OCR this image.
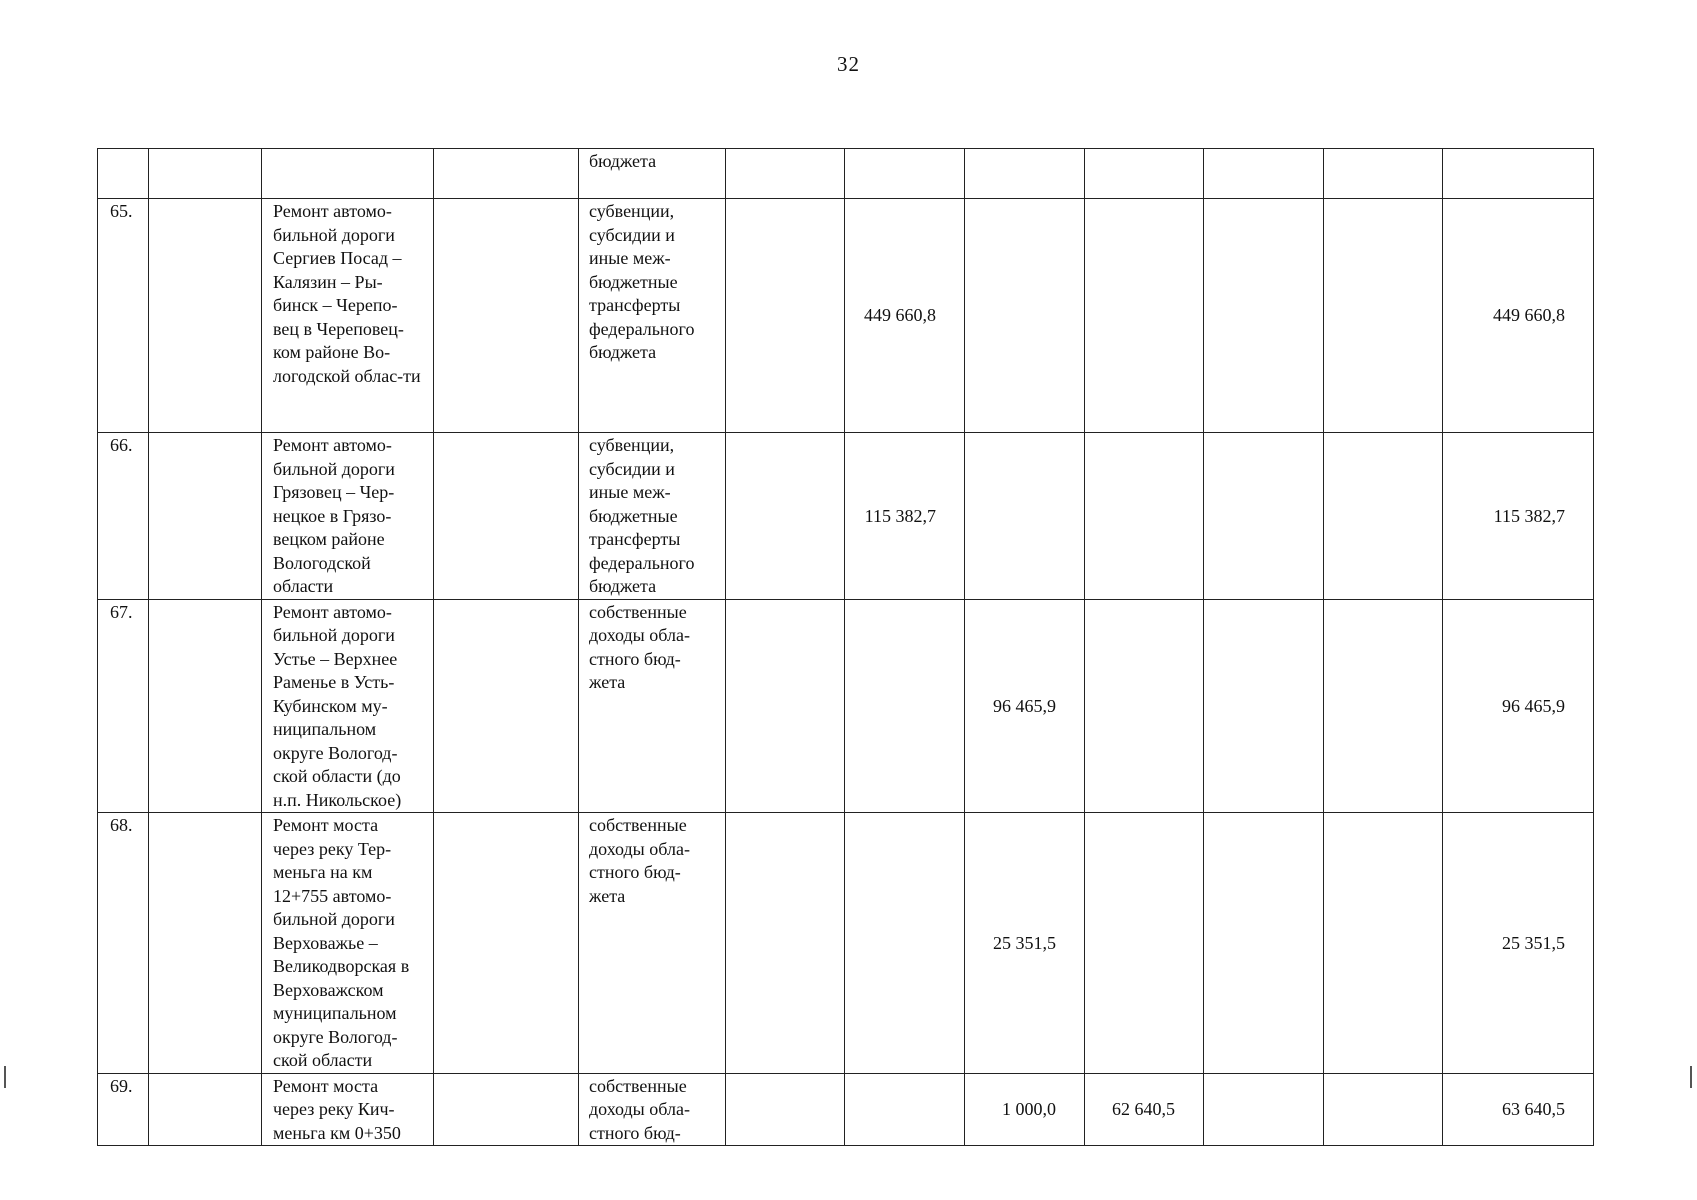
32
				бюджета							
65.		Ремонт автомо-бильной дороги Сергиев Посад – Калязин – Ры-бинск – Черепо-вец в Череповец-ком районе Во-логодской облас-ти		субвенции, субсидии и иные меж-бюджетные трансферты федерального бюджета		449 660,8					449 660,8
66.		Ремонт автомо-бильной дороги Грязовец – Чер-нецкое в Грязо-вецком районе Вологодской области		субвенции, субсидии и иные меж-бюджетные трансферты федерального бюджета		115 382,7					115 382,7
67.		Ремонт автомо-бильной дороги Устье – Верхнее Раменье в Усть-Кубинском му-ниципальном округе Вологод-ской области (до н.п. Никольское)		собственные доходы обла-стного бюд-жета			96 465,9				96 465,9
68.		Ремонт моста через реку Тер-меньга на км 12+755 автомо-бильной дороги Верховажье – Великодворская в Верховажском муниципальном округе Вологод-ской области		собственные доходы обла-стного бюд-жета			25 351,5				25 351,5
69.		Ремонт моста через реку Кич-меньга км 0+350		собственные доходы обла-стного бюд-			1 000,0	62 640,5			63 640,5
